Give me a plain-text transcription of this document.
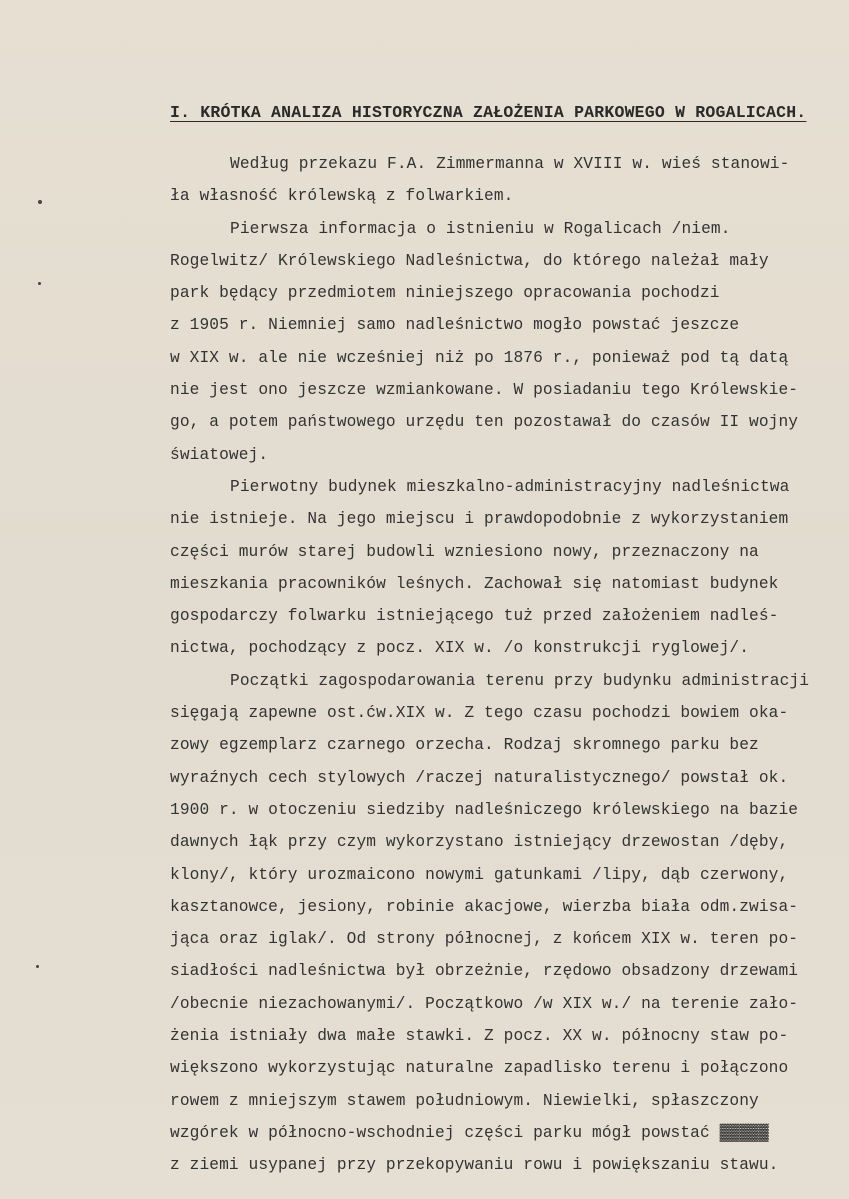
I. KRÓTKA ANALIZA HISTORYCZNA ZAŁOŻENIA PARKOWEGO W ROGALICACH.
Według przekazu F.A. Zimmermanna w XVIII w. wieś stanowi-
ła własność królewską z folwarkiem.
Pierwsza informacja o istnieniu w Rogalicach /niem.
Rogelwitz/ Królewskiego Nadleśnictwa, do którego należał mały
park będący przedmiotem niniejszego opracowania pochodzi
z 1905 r. Niemniej samo nadleśnictwo mogło powstać jeszcze
w XIX w. ale nie wcześniej niż po 1876 r., ponieważ pod tą datą
nie jest ono jeszcze wzmiankowane. W posiadaniu tego Królewskie-
go, a potem państwowego urzędu ten pozostawał do czasów II wojny
światowej.
Pierwotny budynek mieszkalno-administracyjny nadleśnictwa
nie istnieje. Na jego miejscu i prawdopodobnie z wykorzystaniem
części murów starej budowli wzniesiono nowy, przeznaczony na
mieszkania pracowników leśnych. Zachował się natomiast budynek
gospodarczy folwarku istniejącego tuż przed założeniem nadleś-
nictwa, pochodzący z pocz. XIX w. /o konstrukcji ryglowej/.
Początki zagospodarowania terenu przy budynku administracji
sięgają zapewne ost.ćw.XIX w. Z tego czasu pochodzi bowiem oka-
zowy egzemplarz czarnego orzecha. Rodzaj skromnego parku bez
wyraźnych cech stylowych /raczej naturalistycznego/ powstał ok.
1900 r. w otoczeniu siedziby nadleśniczego królewskiego na bazie
dawnych łąk przy czym wykorzystano istniejący drzewostan /dęby,
klony/, który urozmaicono nowymi gatunkami /lipy, dąb czerwony,
kasztanowce, jesiony, robinie akacjowe, wierzba biała odm.zwisa-
jąca oraz iglak/. Od strony północnej, z końcem XIX w. teren po-
siadłości nadleśnictwa był obrzeżnie, rzędowo obsadzony drzewami
/obecnie niezachowanymi/. Początkowo /w XIX w./ na terenie zało-
żenia istniały dwa małe stawki. Z pocz. XX w. północny staw po-
większono wykorzystując naturalne zapadlisko terenu i połączono
rowem z mniejszym stawem południowym. Niewielki, spłaszczony
wzgórek w północno-wschodniej części parku mógł powstać ▓▓▓▓▓
z ziemi usypanej przy przekopywaniu rowu i powiększaniu stawu.
